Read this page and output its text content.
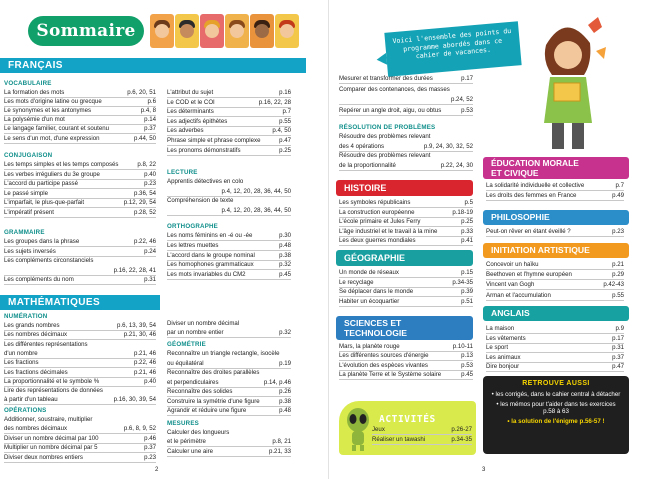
Sommaire
FRANÇAIS
VOCABULAIRE
MATHÉMATIQUES
2
Voici l'ensemble des points du programme abordés dans ce cahier de vacances.
3
HISTOIRE
GÉOGRAPHIE
SCIENCES ET
TECHNOLOGIE
ÉDUCATION MORALE
ET CIVIQUE
PHILOSOPHIE
INITIATION ARTISTIQUE
RÉSOLUTION DE PROBLÈMES
ACTIVITÉS
RETROUVE AUSSI
• les corrigés, dans le cahier central à détacher
• les mémos pour t'aider dans tes exercices p.58 à 63
• la solution de l'énigme p.56-57 !
La formation des mots	p.6, 20, 51
Les mots d'origine latine ou grecque	p.6
Le synonymes et les antonymes	p.4, 8
La polysémie d'un mot	p.14
Le langage familier, courant et soutenu	p.37
Le sens d'un mot, d'une expression	p.44, 50
CONJUGAISON
Les temps simples et les temps composés	p.8, 22
Les verbes irréguliers du 3e groupe	p.40
L'accord du participe passé	p.23
Le passé simple	p.36, 54
L'imparfait, le plus-que-parfait	p.12, 29, 54
L'impératif présent	p.28, 52
GRAMMAIRE
Les groupes dans la phrase	p.22, 46
Les sujets inversés	p.24
Les compléments circonstanciels
p.16, 22, 28, 41
Les compléments du nom	p.31
L'attribut du sujet	p.16
Le COD et le COI	p.16, 22, 28
Les déterminants	p.7
Les adjectifs épithètes	p.55
Les adverbes	p.4, 50
Phrase simple et phrase complexe	p.47
Les pronoms démonstratifs	p.25
LECTURE
Apprentis détectives en colo
p.4, 12, 20, 28, 36, 44, 50
Compréhension de texte
p.4, 12, 20, 28, 36, 44, 50
ORTHOGRAPHE
Les noms féminins en -é ou -ée	p.30
Les lettres muettes	p.48
L'accord dans le groupe nominal	p.38
Les homophones grammaticaux	p.32
Les mots invariables du CM2	p.45
NUMÉRATION
Les grands nombres	p.6, 13, 39, 54
Les nombres décimaux	p.21, 30, 46
Les différentes représentations
d'un nombre	p.21, 46
Les fractions	p.22, 46
Les fractions décimales	p.21, 46
La proportionnalité et le symbole %	p.40
Lire des représentations de données
à partir d'un tableau	p.16, 30, 39, 54
OPÉRATIONS
Additionner, soustraire, multiplier
des nombres décimaux	p.6, 8, 9, 52
Diviser un nombre décimal par 100	p.46
Multiplier un nombre décimal par 5	p.37
Diviser deux nombres entiers	p.23
Diviser un nombre décimal
par un nombre entier	p.32
GÉOMÉTRIE
Reconnaître un triangle rectangle, isocèle
ou équilatéral	p.19
Reconnaître des droites parallèles
et perpendiculaires	p.14, p.46
Reconnaître des solides	p.26
Construire la symétrie d'une figure	p.38
Agrandir et réduire une figure	p.48
MESURES
Calculer des longueurs
et le périmètre	p.8, 21
Calculer une aire	p.21, 33
Mesurer et transformer des durées	p.17
Comparer des contenances, des masses
p.24, 52
Repérer un angle droit, aigu, ou obtus	p.53
Résoudre des problèmes relevant
des 4 opérations	p.9, 24, 30, 32, 52
Résoudre des problèmes relevant
de la proportionnalité	p.22, 24, 30
Les symboles républicains	p.5
La construction européenne	p.18-19
L'école primaire et Jules Ferry	p.25
L'âge industriel et le travail à la mine	p.33
Les deux guerres mondiales	p.41
Un monde de réseaux	p.15
Le recyclage	p.34-35
Se déplacer dans le monde	p.39
Habiter un écoquartier	p.51
Mars, la planète rouge	p.10-11
Les différentes sources d'énergie	p.13
L'évolution des espèces vivantes	p.53
La planète Terre et le Système solaire	p.45
Jeux	p.26-27
Réaliser un tawashi	p.34-35
La solidarité individuelle et collective	p.7
Les droits des femmes en France	p.49
Peut-on rêver en étant éveillé ?	p.23
Concevoir un haïku	p.21
Beethoven et l'hymne européen	p.29
Vincent van Gogh	p.42-43
Arman et l'accumulation	p.55
ANGLAIS
La maison	p.9
Les vêtements	p.17
Le sport	p.31
Les animaux	p.37
Dire bonjour	p.47
